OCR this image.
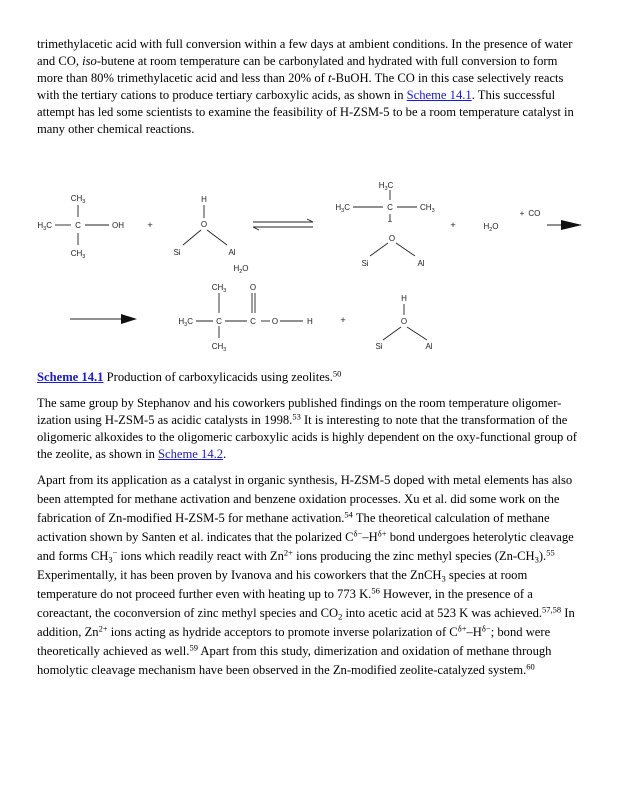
trimethylacetic acid with full conversion within a few days at ambient conditions. In the presence of water and CO, iso-butene at room temperature can be carbonylated and hydrated with full conversion to form more than 80% trimethylacetic acid and less than 20% of t-BuOH. The CO in this case selectively reacts with the tertiary cations to produce tertiary carboxylic acids, as shown in Scheme 14.1. This successful attempt has led some scientists to examine the feasibility of H-ZSM-5 to be a room temperature catalyst in many other chemical reactions.

$CH_3$
$H_3C$	C	OH
$CH_3$
+
H
O
Si	Al
$H_2O$
$H_3C$
$H_3C$	C	$CH_3$
−
O
Si	Al
+	$H_2O$
+ CO
$CH_3$	O
$H_3C$	C	C O	H
$CH_3$
+
H
O
Si	Al
Scheme 14.1 Production of carboxylicacids using zeolites.$^{50}$

The same group by Stephanov and his coworkers published findings on the room temperature oligomer-ization using H-ZSM-5 as acidic catalysts in 1998.53 It is interesting to note that the transformation of the oligomeric alkoxides to the oligomeric carboxylic acids is highly dependent on the oxy-functional group of the zeolite, as shown in Scheme 14.2.

Apart from its application as a catalyst in organic synthesis, H-ZSM-5 doped with metal elements has also been attempted for methane activation and benzene oxidation processes. Xu et al. did some work on the fabrication of Zn-modified H-ZSM-5 for methane activation.$^{54}$ The theoretical calculation of methane activation shown by Santen et al. indicates that the polarized $C^{\delta-}-H^{\delta+}$ bond undergoes heterolytic cleavage and forms $CH_3^-$ ions which readily react with $Zn^{2+}$ ions producing the zinc methyl species $(Zn-CH_3).^{55}$ Experimentally, it has been proven by Ivanova and his coworkers that the ZnCH$_3$ species at room temperature do not proceed further even with heating up to 773 K.$^{56}$ However, in the presence of a coreactant, the coconversion of zinc methyl species and $CO_2$ into acetic acid at 523 K was achieved.$^{57,58}$ In addition, $Zn^{2+}$ ions acting as hydride acceptors to promote inverse polarization of $C^{\delta+}-H^{\delta-}$; bond were theoretically achieved as well.$^{59}$ Apart from this study, dimerization and oxidation of methane through homolytic cleavage mechanism have been observed in the Zn-modified zeolite-catalyzed system.$^{60}$
